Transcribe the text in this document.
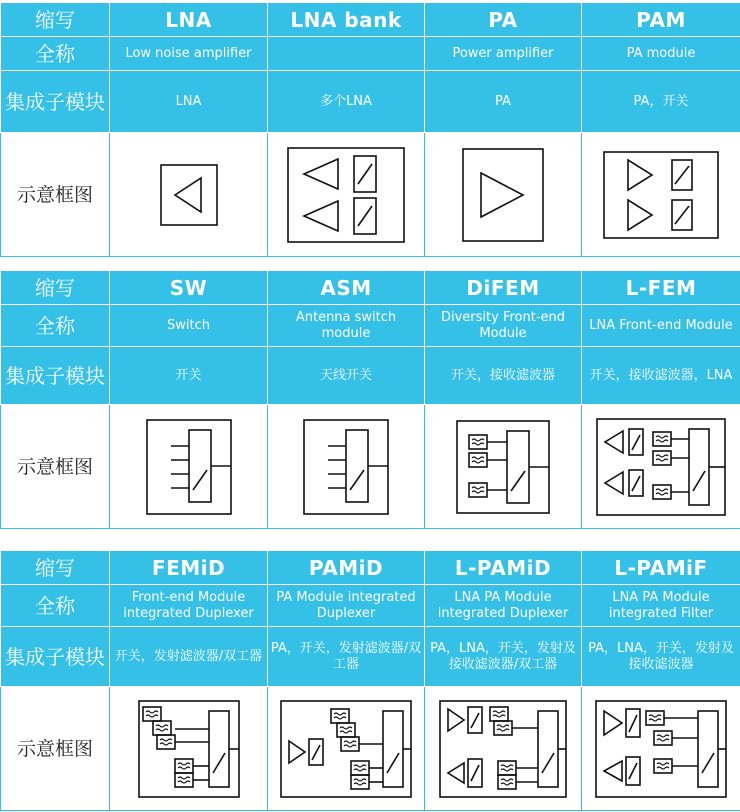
缩写	LNA	LNA bank	PA	PAM
全称	Low noise amplifier		Power amplifier	PA module
集成子模块	LNA	多个LNA	PA	PA，开关
示意框图	

缩写	SW	ASM	DiFEM	L-FEM
全称	Switch	Antenna switch module	Diversity Front-end Module	LNA Front-end Module
集成子模块	开关	天线开关	开关，接收滤波器	开关，接收滤波器，LNA
示意框图	

缩写	FEMiD	PAMiD	L-PAMiD	L-PAMiF
全称	Front-end Module integrated Duplexer	PA Module integrated Duplexer	LNA PA Module integrated Duplexer	LNA PA Module integrated Filter
集成子模块	开关，发射滤波器/双工器	PA，开关，发射滤波器/双工器	PA，LNA，开关，发射及接收滤波器/双工器	PA，LNA，开关，发射及接收滤波器
示意框图	
